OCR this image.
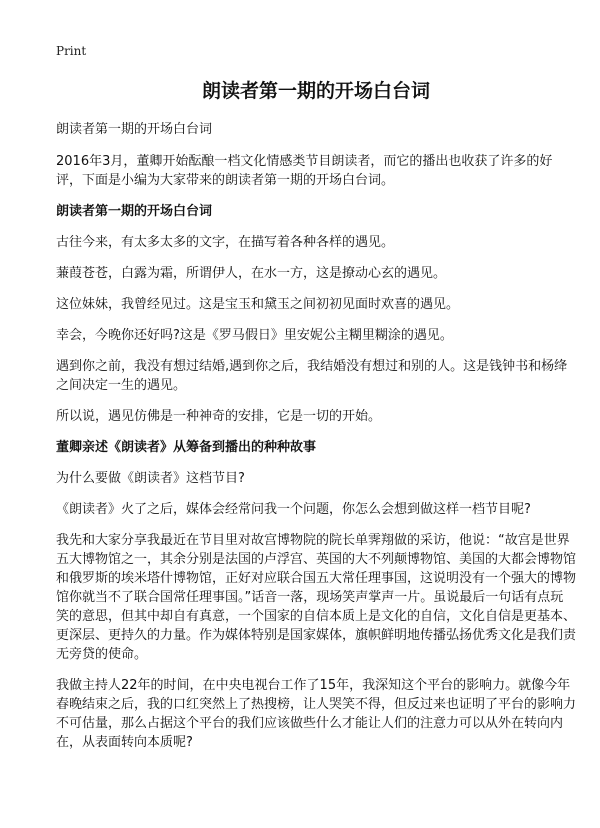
Print
朗读者第一期的开场白台词

朗读者第一期的开场白台词

2016年3月，董卿开始酝酿一档文化情感类节目朗读者，而它的播出也收获了许多的好评，下面是小编为大家带来的朗读者第一期的开场白台词。

朗读者第一期的开场白台词

古往今来，有太多太多的文字，在描写着各种各样的遇见。

蒹葭苍苍，白露为霜，所谓伊人，在水一方，这是撩动心玄的遇见。

这位妹妹，我曾经见过。这是宝玉和黛玉之间初初见面时欢喜的遇见。

幸会，今晚你还好吗?这是《罗马假日》里安妮公主糊里糊涂的遇见。

遇到你之前，我没有想过结婚,遇到你之后，我结婚没有想过和别的人。这是钱钟书和杨绛之间决定一生的遇见。

所以说，遇见仿佛是一种神奇的安排，它是一切的开始。

董卿亲述《朗读者》从筹备到播出的种种故事

为什么要做《朗读者》这档节目?

《朗读者》火了之后，媒体会经常问我一个问题，你怎么会想到做这样一档节目呢?

我先和大家分享我最近在节目里对故宫博物院的院长单霁翔做的采访，他说：“故宫是世界五大博物馆之一，其余分别是法国的卢浮宫、英国的大不列颠博物馆、美国的大都会博物馆和俄罗斯的埃米塔什博物馆，正好对应联合国五大常任理事国，这说明没有一个强大的博物馆你就当不了联合国常任理事国。”话音一落，现场笑声掌声一片。虽说最后一句话有点玩笑的意思，但其中却自有真意，一个国家的自信本质上是文化的自信，文化自信是更基本、更深层、更持久的力量。作为媒体特别是国家媒体，旗帜鲜明地传播弘扬优秀文化是我们责无旁贷的使命。

我做主持人22年的时间，在中央电视台工作了15年，我深知这个平台的影响力。就像今年春晚结束之后，我的口红突然上了热搜榜，让人哭笑不得，但反过来也证明了平台的影响力不可估量，那么占据这个平台的我们应该做些什么才能让人们的注意力可以从外在转向内在，从表面转向本质呢?
